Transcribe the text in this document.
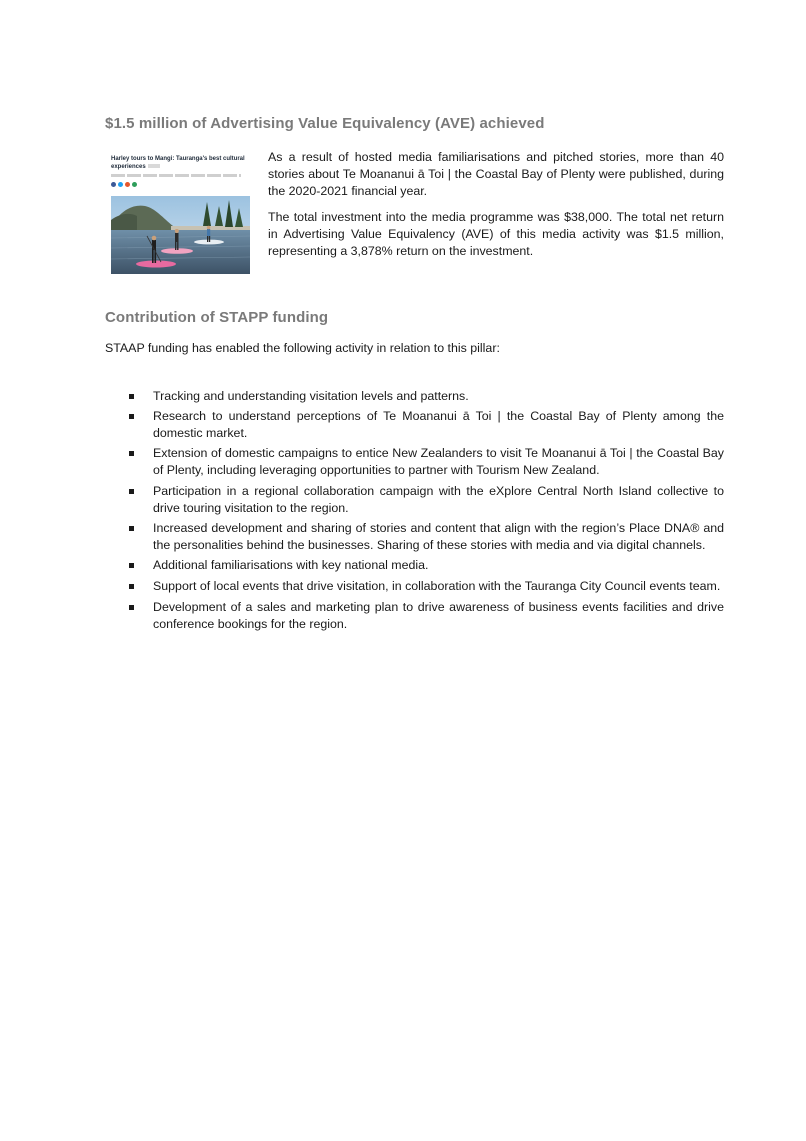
$1.5 million of Advertising Value Equivalency (AVE) achieved
Harley tours to Mangi: Tauranga's best cultural experiences

As a result of hosted media familiarisations and pitched stories, more than 40 stories about Te Moananui ā Toi | the Coastal Bay of Plenty were published, during the 2020-2021 financial year.

The total investment into the media programme was $38,000. The total net return in Advertising Value Equivalency (AVE) of this media activity was $1.5 million, representing a 3,878% return on the investment.

Contribution of STAPP funding

STAAP funding has enabled the following activity in relation to this pillar:

Tracking and understanding visitation levels and patterns.
Research to understand perceptions of Te Moananui ā Toi | the Coastal Bay of Plenty among the domestic market.
Extension of domestic campaigns to entice New Zealanders to visit Te Moananui ā Toi | the Coastal Bay of Plenty, including leveraging opportunities to partner with Tourism New Zealand.
Participation in a regional collaboration campaign with the eXplore Central North Island collective to drive touring visitation to the region.
Increased development and sharing of stories and content that align with the region’s Place DNA® and the personalities behind the businesses. Sharing of these stories with media and via digital channels.
Additional familiarisations with key national media.
Support of local events that drive visitation, in collaboration with the Tauranga City Council events team.
Development of a sales and marketing plan to drive awareness of business events facilities and drive conference bookings for the region.
